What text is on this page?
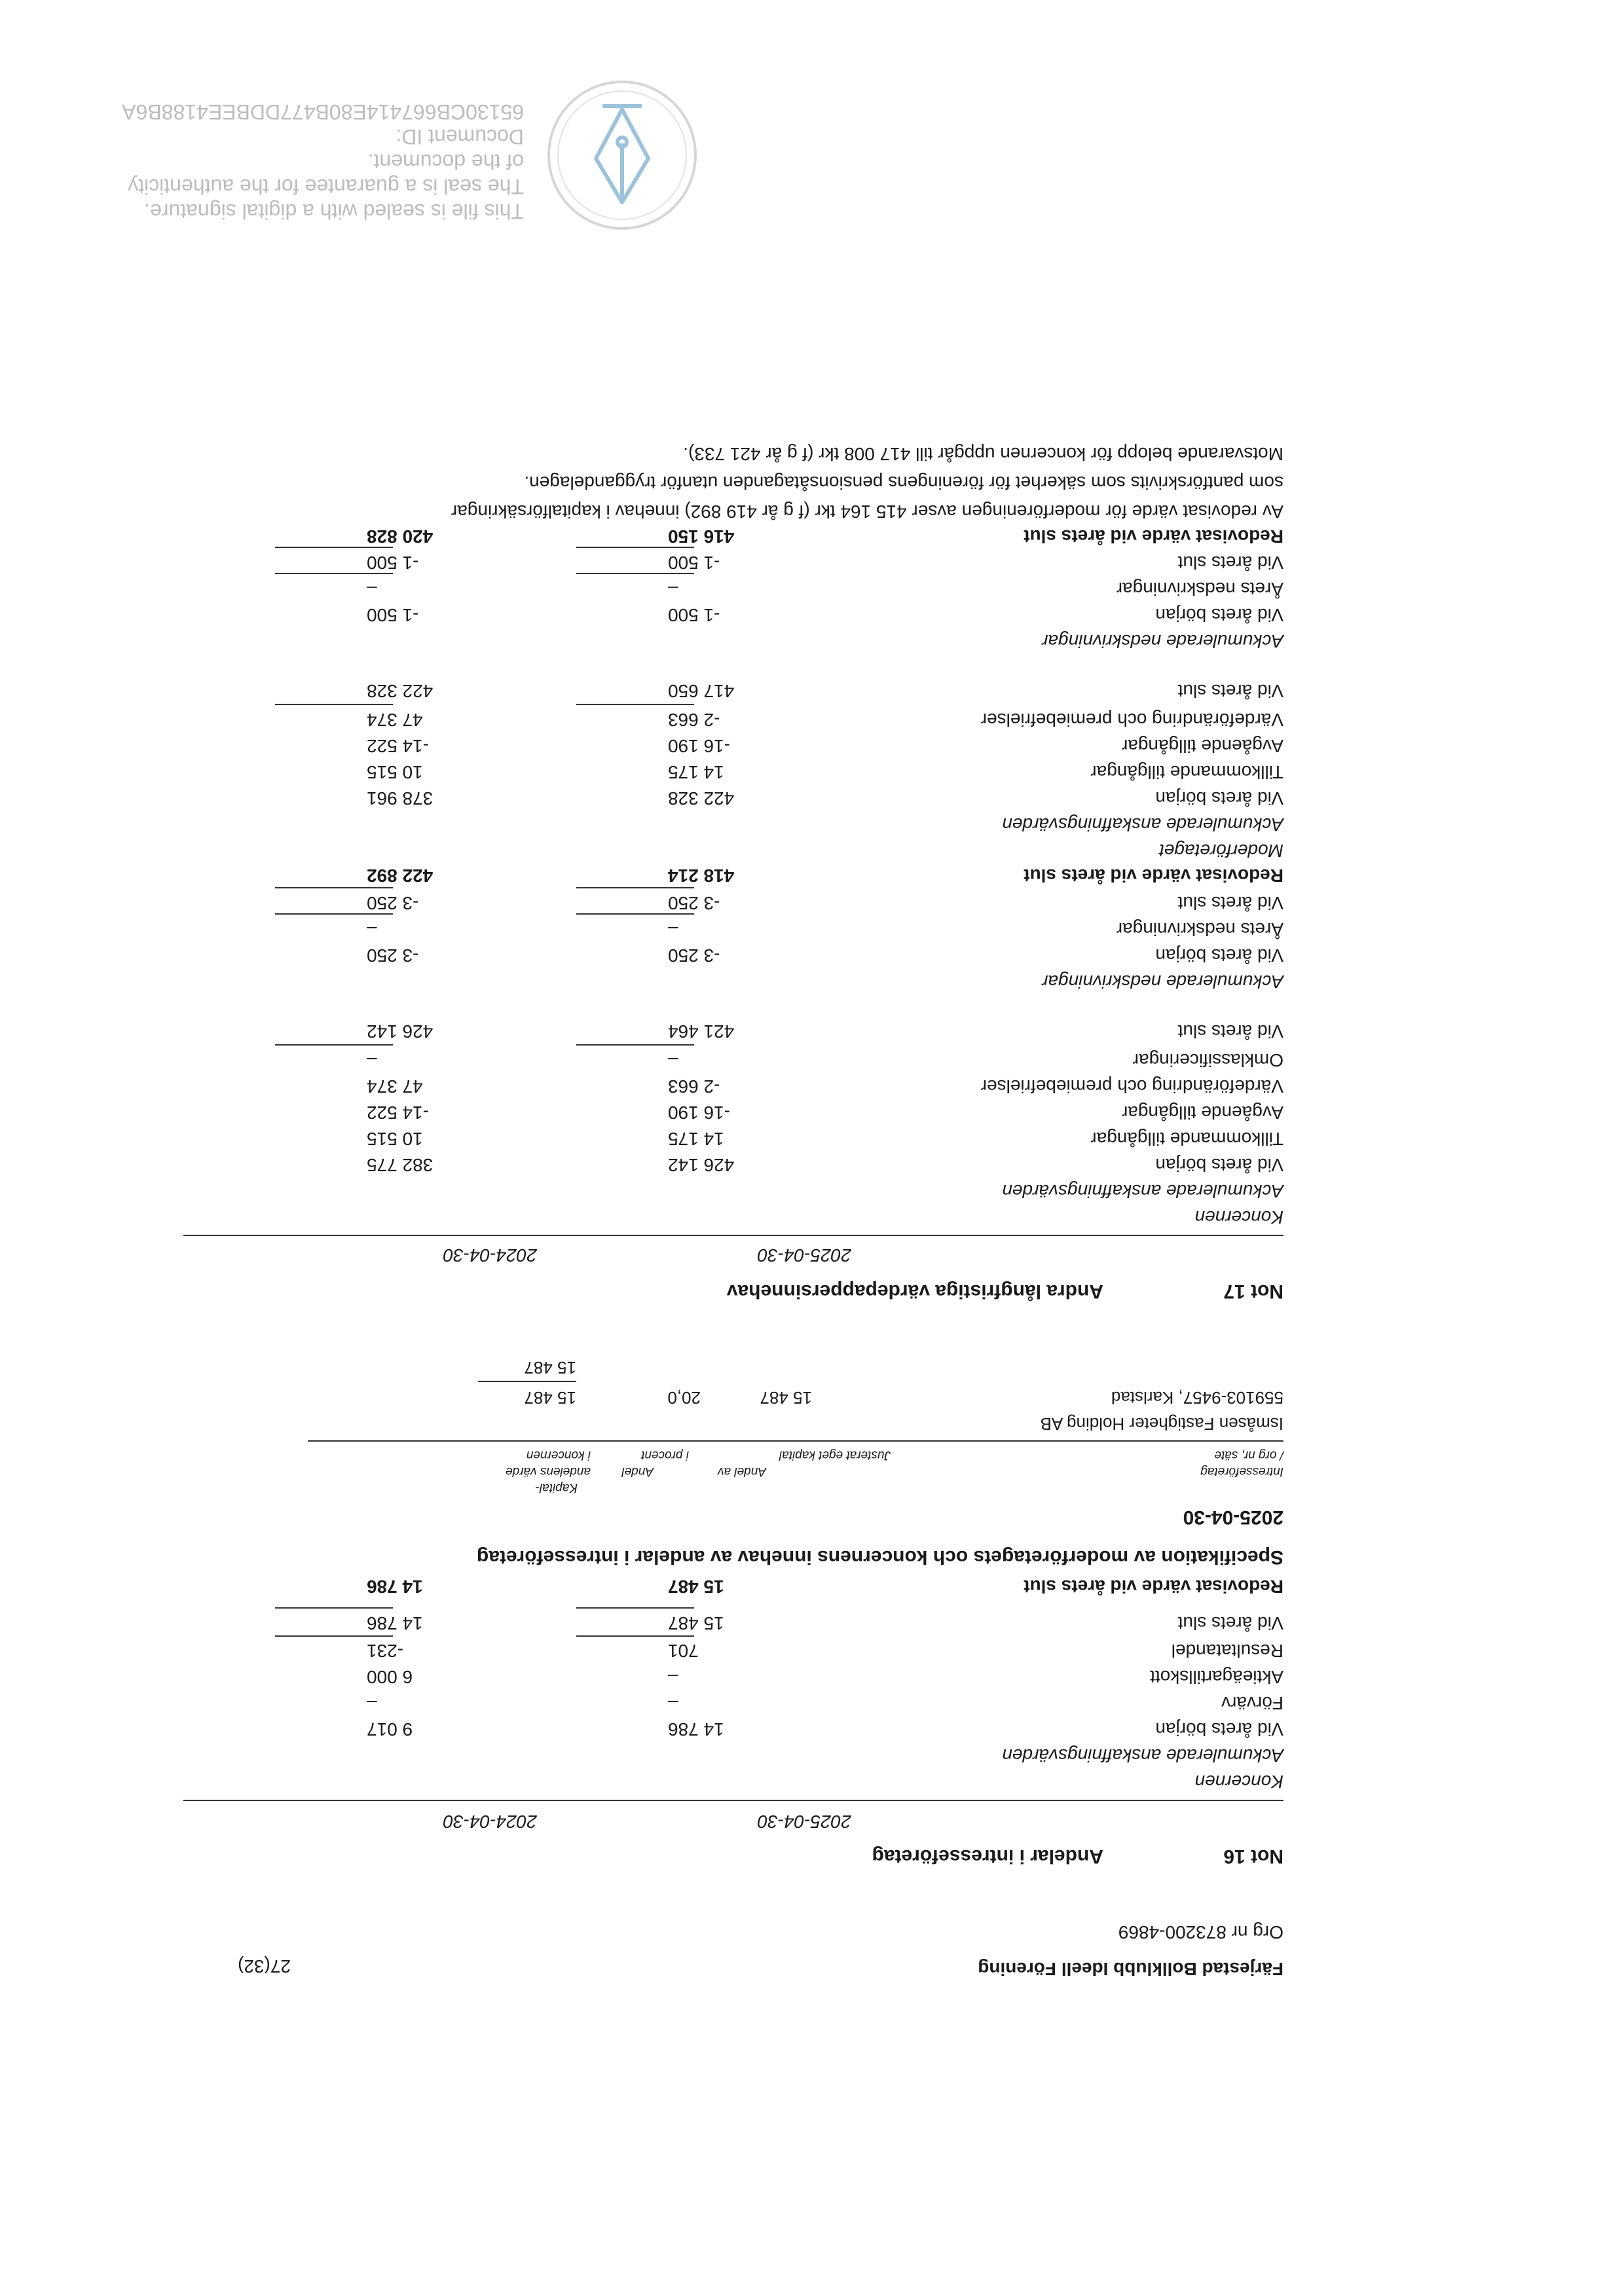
Färjestad Bollklubb Ideell Förening
Org nr 873200-4869
27(32)
Not 16
Andelar i intresseföretag
2025-04-30
2024-04-30
Koncernen
Ackumulerade anskaffningsvärden
Vid årets början
14 786
9 017
Förvärv
–
–
Aktieägartillskott
–
6 000
Resultatandel
701
-231
Vid årets slut
15 487
14 786
Redovisat värde vid årets slut
15 487
14 786
Specifikation av moderföretagets och koncernens innehav av andelar i intresseföretag
2025-04-30
Kapital-
Intresseföretag
Andel av
Andel
andelens värde
/ org nr, säte
Justerat eget kapital
i procent
i koncernen
Ismåsen Fastigheter Holding AB
559103-9457, Karlstad
15 487
20,0
15 487
15 487
Not 17
Andra långfristiga värdepappersinnehav
2025-04-30
2024-04-30
Koncernen
Ackumulerade anskaffningsvärden
Vid årets början
426 142
382 775
Tillkommande tillgångar
14 175
10 515
Avgående tillgångar
-16 190
-14 522
Värdeförändring och premiebefrielser
-2 663
47 374
Omklassificeringar
–
–
Vid årets slut
421 464
426 142
Ackumulerade nedskrivningar
Vid årets början
-3 250
-3 250
Årets nedskrivningar
–
–
Vid årets slut
-3 250
-3 250
Redovisat värde vid årets slut
418 214
422 892
Moderföretaget
Ackumulerade anskaffningsvärden
Vid årets början
422 328
378 961
Tillkommande tillgångar
14 175
10 515
Avgående tillgångar
-16 190
-14 522
Värdeförändring och premiebefrielser
-2 663
47 374
Vid årets slut
417 650
422 328
Ackumulerade nedskrivningar
Vid årets början
-1 500
-1 500
Årets nedskrivningar
–
–
Vid årets slut
-1 500
-1 500
Redovisat värde vid årets slut
416 150
420 828
Av redovisat värde för moderföreningen avser 415 164 tkr (f g år 419 892) innehav i kapitalförsäkringar
som pantförskrivits som säkerhet för föreningens pensionsåtaganden utanför tryggandelagen.
Motsvarande belopp för koncernen uppgår till 417 008 tkr (f g år 421 733).
This file is sealed with a digital signature.
The seal is a guarantee for the authenticity
of the document.
Document ID:
65130CB667414E80B477DDBEE4188B6A
